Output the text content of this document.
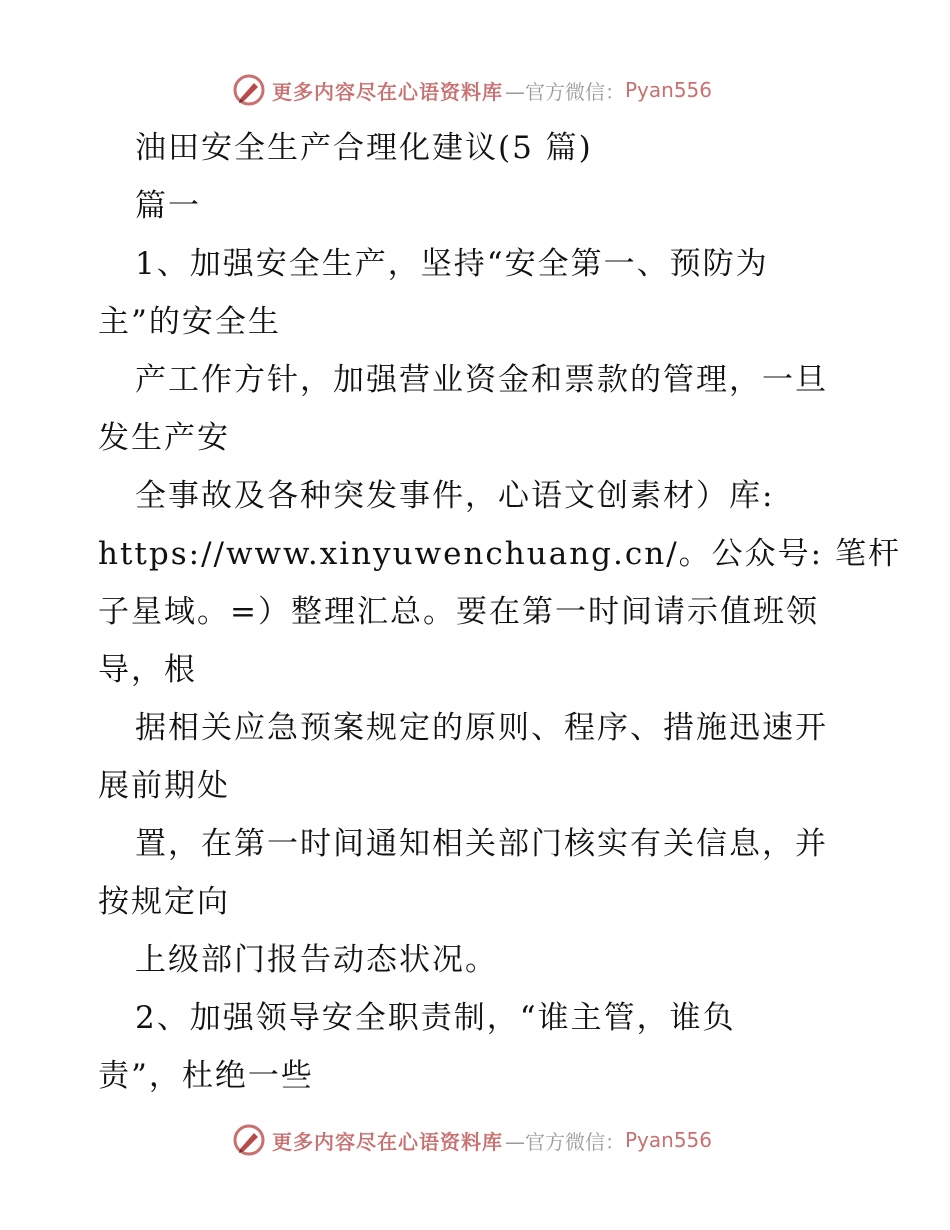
更多内容尽在心语资料库 —官方微信： Pyan556
油田安全生产合理化建议(5 篇)
篇一
1、加强安全生产，坚持“安全第一、预防为
主”的安全生
产工作方针，加强营业资金和票款的管理，一旦
发生产安
全事故及各种突发事件，心语文创素材）库:
https://www.xinyuwenchuang.cn/。公众号: 笔杆
子星域。=）整理汇总。要在第一时间请示值班领
导，根
据相关应急预案规定的原则、程序、措施迅速开
展前期处
置，在第一时间通知相关部门核实有关信息，并
按规定向
上级部门报告动态状况。
2、加强领导安全职责制，“谁主管，谁负
责”，杜绝一些
更多内容尽在心语资料库 —官方微信： Pyan556
